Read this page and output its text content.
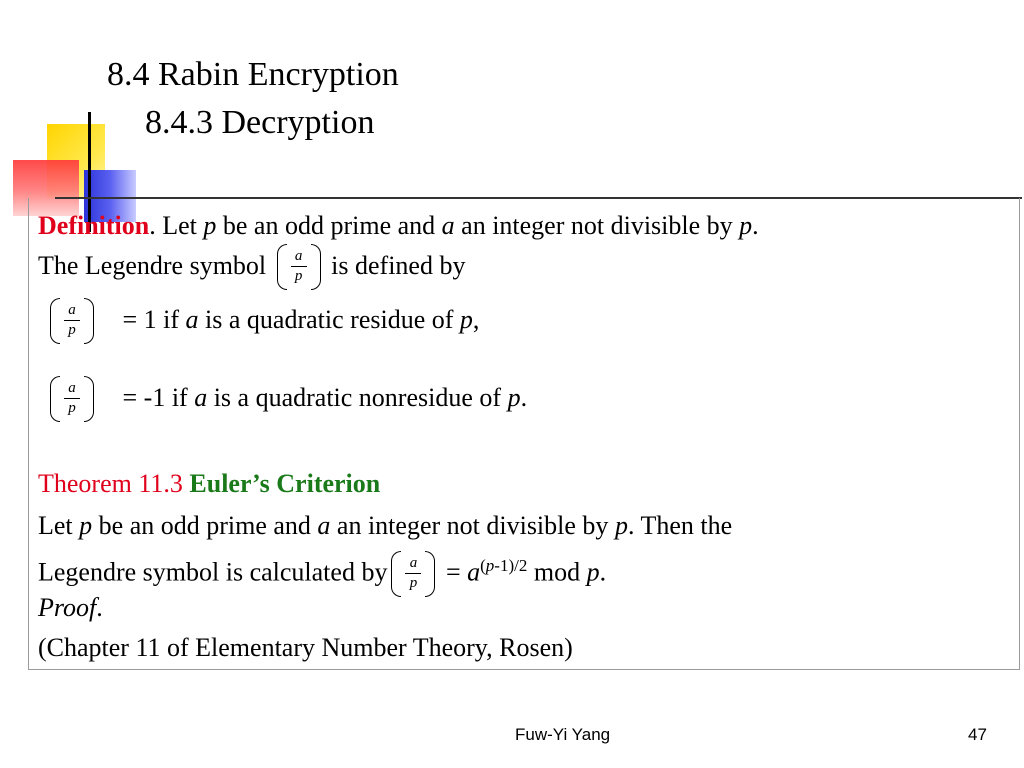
8.4 Rabin Encryption
8.4.3 Decryption
Definition. Let p be an odd prime and a an integer not divisible by p.
The Legendre symbol $\frac{a}{p}$ is defined by
$\frac{a}{p} = 1$ if a is a quadratic residue of p,
$\frac{a}{p} = -1$ if a is a quadratic nonresidue of p.
Theorem 11.3 Euler’s Criterion
Let p be an odd prime and a an integer not divisible by p. Then the
Legendre symbol is calculated by $\frac{a}{p} = a^{(p-1)/2}$ mod p.
Proof.
(Chapter 11 of Elementary Number Theory, Rosen)
Fuw-Yi Yang	47
